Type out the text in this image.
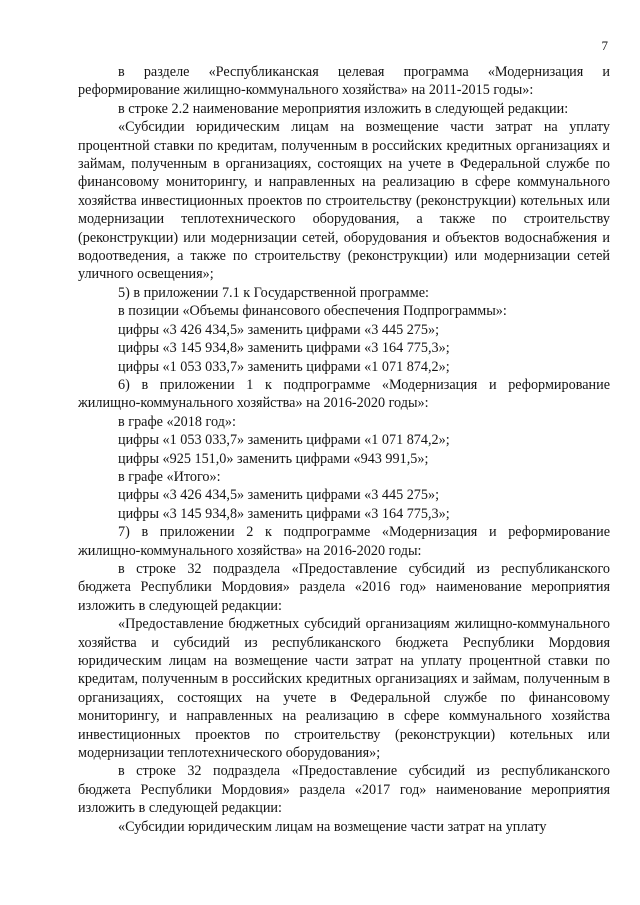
7

в разделе «Республиканская целевая программа «Модернизация и реформирование жилищно-коммунального хозяйства» на 2011-2015 годы»:

в строке 2.2 наименование мероприятия изложить в следующей редакции:

«Субсидии юридическим лицам на возмещение части затрат на уплату процентной ставки по кредитам, полученным в российских кредитных организациях и займам, полученным в организациях, состоящих на учете в Федеральной службе по финансовому мониторингу, и направленных на реализацию в сфере коммунального хозяйства инвестиционных проектов по строительству (реконструкции) котельных или модернизации теплотехнического оборудования, а также по строительству (реконструкции) или модернизации сетей, оборудования и объектов водоснабжения и водоотведения, а также по строительству (реконструкции) или модернизации сетей уличного освещения»;

5) в приложении 7.1 к Государственной программе:

в позиции «Объемы финансового обеспечения Подпрограммы»:

цифры «3 426 434,5» заменить цифрами «3 445 275»;

цифры «3 145 934,8» заменить цифрами «3 164 775,3»;

цифры «1 053 033,7» заменить цифрами «1 071 874,2»;

6) в приложении 1 к подпрограмме «Модернизация и реформирование жилищно-коммунального хозяйства» на 2016-2020 годы»:

в графе «2018 год»:

цифры «1 053 033,7» заменить цифрами «1 071 874,2»;

цифры «925 151,0» заменить цифрами «943 991,5»;

в графе «Итого»:

цифры «3 426 434,5» заменить цифрами «3 445 275»;

цифры «3 145 934,8» заменить цифрами «3 164 775,3»;

7) в приложении 2 к подпрограмме «Модернизация и реформирование жилищно-коммунального хозяйства» на 2016-2020 годы:

в строке 32 подраздела «Предоставление субсидий из республиканского бюджета Республики Мордовия» раздела «2016 год» наименование мероприятия изложить в следующей редакции:

«Предоставление бюджетных субсидий организациям жилищно-коммунального хозяйства и субсидий из республиканского бюджета Республики Мордовия юридическим лицам на возмещение части затрат на уплату процентной ставки по кредитам, полученным в российских кредитных организациях и займам, полученным в организациях, состоящих на учете в Федеральной службе по финансовому мониторингу, и направленных на реализацию в сфере коммунального хозяйства инвестиционных проектов по строительству (реконструкции) котельных или модернизации теплотехнического оборудования»;

в строке 32 подраздела «Предоставление субсидий из республиканского бюджета Республики Мордовия» раздела «2017 год» наименование мероприятия изложить в следующей редакции:

«Субсидии юридическим лицам на возмещение части затрат на уплату
